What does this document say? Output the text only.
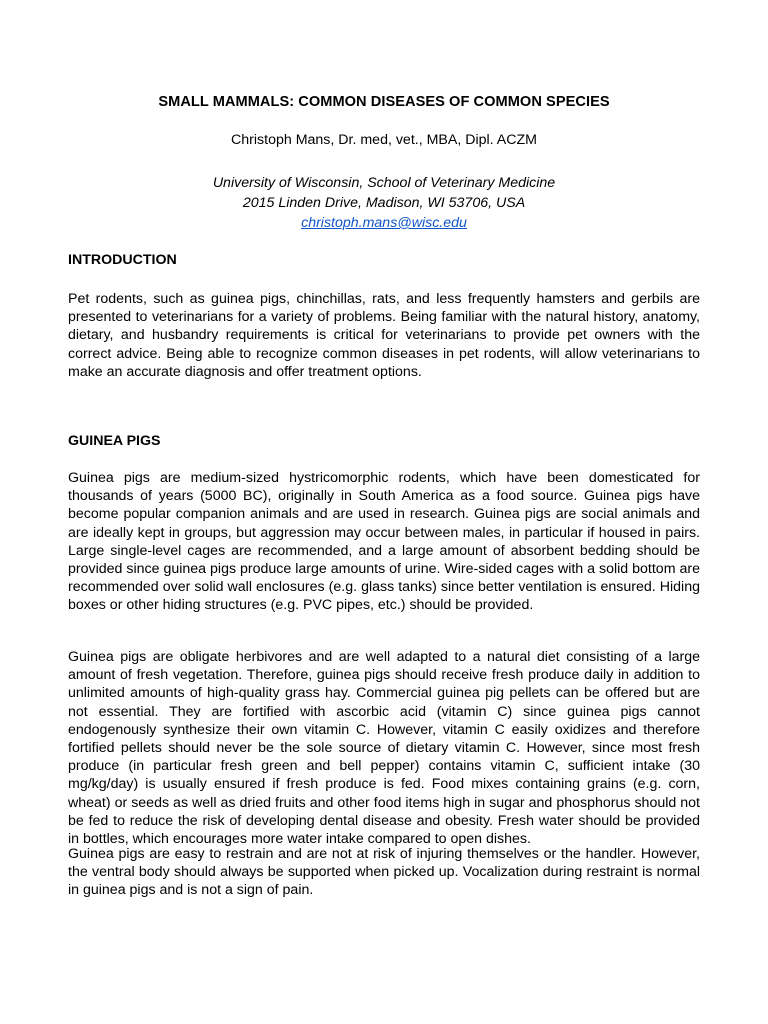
SMALL MAMMALS: COMMON DISEASES OF COMMON SPECIES
Christoph Mans, Dr. med, vet., MBA, Dipl. ACZM
University of Wisconsin, School of Veterinary Medicine
2015 Linden Drive, Madison, WI 53706, USA
christoph.mans@wisc.edu
INTRODUCTION

Pet rodents, such as guinea pigs, chinchillas, rats, and less frequently hamsters and gerbils are presented to veterinarians for a variety of problems. Being familiar with the natural history, anatomy, dietary, and husbandry requirements is critical for veterinarians to provide pet owners with the correct advice. Being able to recognize common diseases in pet rodents, will allow veterinarians to make an accurate diagnosis and offer treatment options.

GUINEA PIGS

Guinea pigs are medium-sized hystricomorphic rodents, which have been domesticated for thousands of years (5000 BC), originally in South America as a food source. Guinea pigs have become popular companion animals and are used in research. Guinea pigs are social animals and are ideally kept in groups, but aggression may occur between males, in particular if housed in pairs. Large single-level cages are recommended, and a large amount of absorbent bedding should be provided since guinea pigs produce large amounts of urine. Wire-sided cages with a solid bottom are recommended over solid wall enclosures (e.g. glass tanks) since better ventilation is ensured. Hiding boxes or other hiding structures (e.g. PVC pipes, etc.) should be provided.

Guinea pigs are obligate herbivores and are well adapted to a natural diet consisting of a large amount of fresh vegetation. Therefore, guinea pigs should receive fresh produce daily in addition to unlimited amounts of high-quality grass hay. Commercial guinea pig pellets can be offered but are not essential. They are fortified with ascorbic acid (vitamin C) since guinea pigs cannot endogenously synthesize their own vitamin C. However, vitamin C easily oxidizes and therefore fortified pellets should never be the sole source of dietary vitamin C. However, since most fresh produce (in particular fresh green and bell pepper) contains vitamin C, sufficient intake (30 mg/kg/day) is usually ensured if fresh produce is fed. Food mixes containing grains (e.g. corn, wheat) or seeds as well as dried fruits and other food items high in sugar and phosphorus should not be fed to reduce the risk of developing dental disease and obesity. Fresh water should be provided in bottles, which encourages more water intake compared to open dishes.

Guinea pigs are easy to restrain and are not at risk of injuring themselves or the handler. However, the ventral body should always be supported when picked up. Vocalization during restraint is normal in guinea pigs and is not a sign of pain.
